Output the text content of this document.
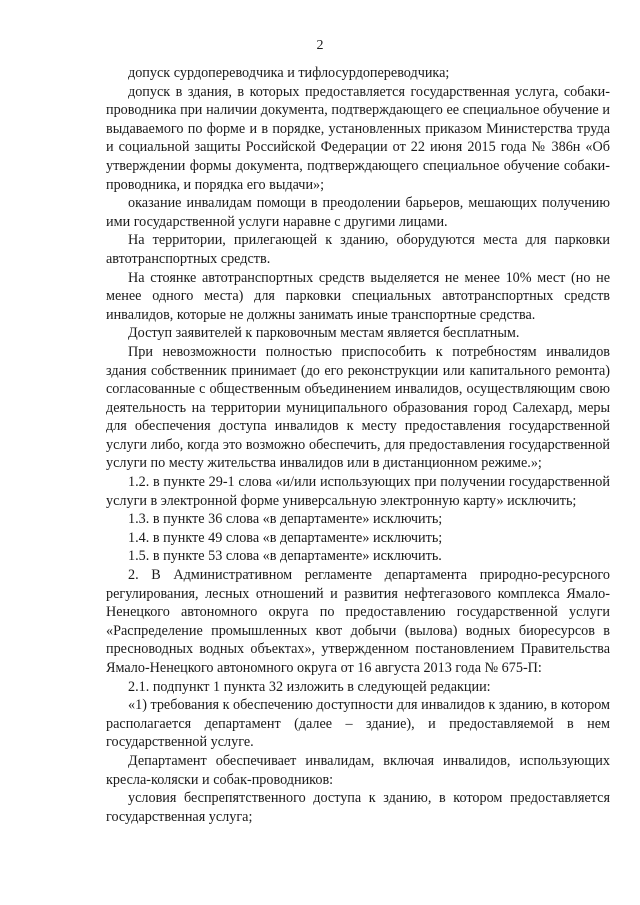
2

допуск сурдопереводчика и тифлосурдопереводчика;

допуск в здания, в которых предоставляется государственная услуга, собаки-проводника при наличии документа, подтверждающего ее специальное обучение и выдаваемого по форме и в порядке, установленных приказом Министерства труда и социальной защиты Российской Федерации от 22 июня 2015 года № 386н «Об утверждении формы документа, подтверждающего специальное обучение собаки-проводника, и порядка его выдачи»;

оказание инвалидам помощи в преодолении барьеров, мешающих получению ими государственной услуги наравне с другими лицами.

На территории, прилегающей к зданию, оборудуются места для парковки автотранспортных средств.

На стоянке автотранспортных средств выделяется не менее 10% мест (но не менее одного места) для парковки специальных автотранспортных средств инвалидов, которые не должны занимать иные транспортные средства.

Доступ заявителей к парковочным местам является бесплатным.

При невозможности полностью приспособить к потребностям инвалидов здания собственник принимает (до его реконструкции или капитального ремонта) согласованные с общественным объединением инвалидов, осуществляющим свою деятельность на территории муниципального образования город Салехард, меры для обеспечения доступа инвалидов к месту предоставления государственной услуги либо, когда это возможно обеспечить, для предоставления государственной услуги по месту жительства инвалидов или в дистанционном режиме.»;

1.2. в пункте 29-1 слова «и/или использующих при получении государственной услуги в электронной форме универсальную электронную карту» исключить;

1.3. в пункте 36 слова «в департаменте» исключить;

1.4. в пункте 49 слова «в департаменте» исключить;

1.5. в пункте 53 слова «в департаменте» исключить.

2. В Административном регламенте департамента природно-ресурсного регулирования, лесных отношений и развития нефтегазового комплекса Ямало-Ненецкого автономного округа по предоставлению государственной услуги «Распределение промышленных квот добычи (вылова) водных биоресурсов в пресноводных водных объектах», утвержденном постановлением Правительства Ямало-Ненецкого автономного округа от 16 августа 2013 года № 675-П:

2.1. подпункт 1 пункта 32 изложить в следующей редакции:

«1) требования к обеспечению доступности для инвалидов к зданию, в котором располагается департамент (далее – здание), и предоставляемой в нем государственной услуге.

Департамент обеспечивает инвалидам, включая инвалидов, использующих кресла-коляски и собак-проводников:

условия беспрепятственного доступа к зданию, в котором предоставляется государственная услуга;
